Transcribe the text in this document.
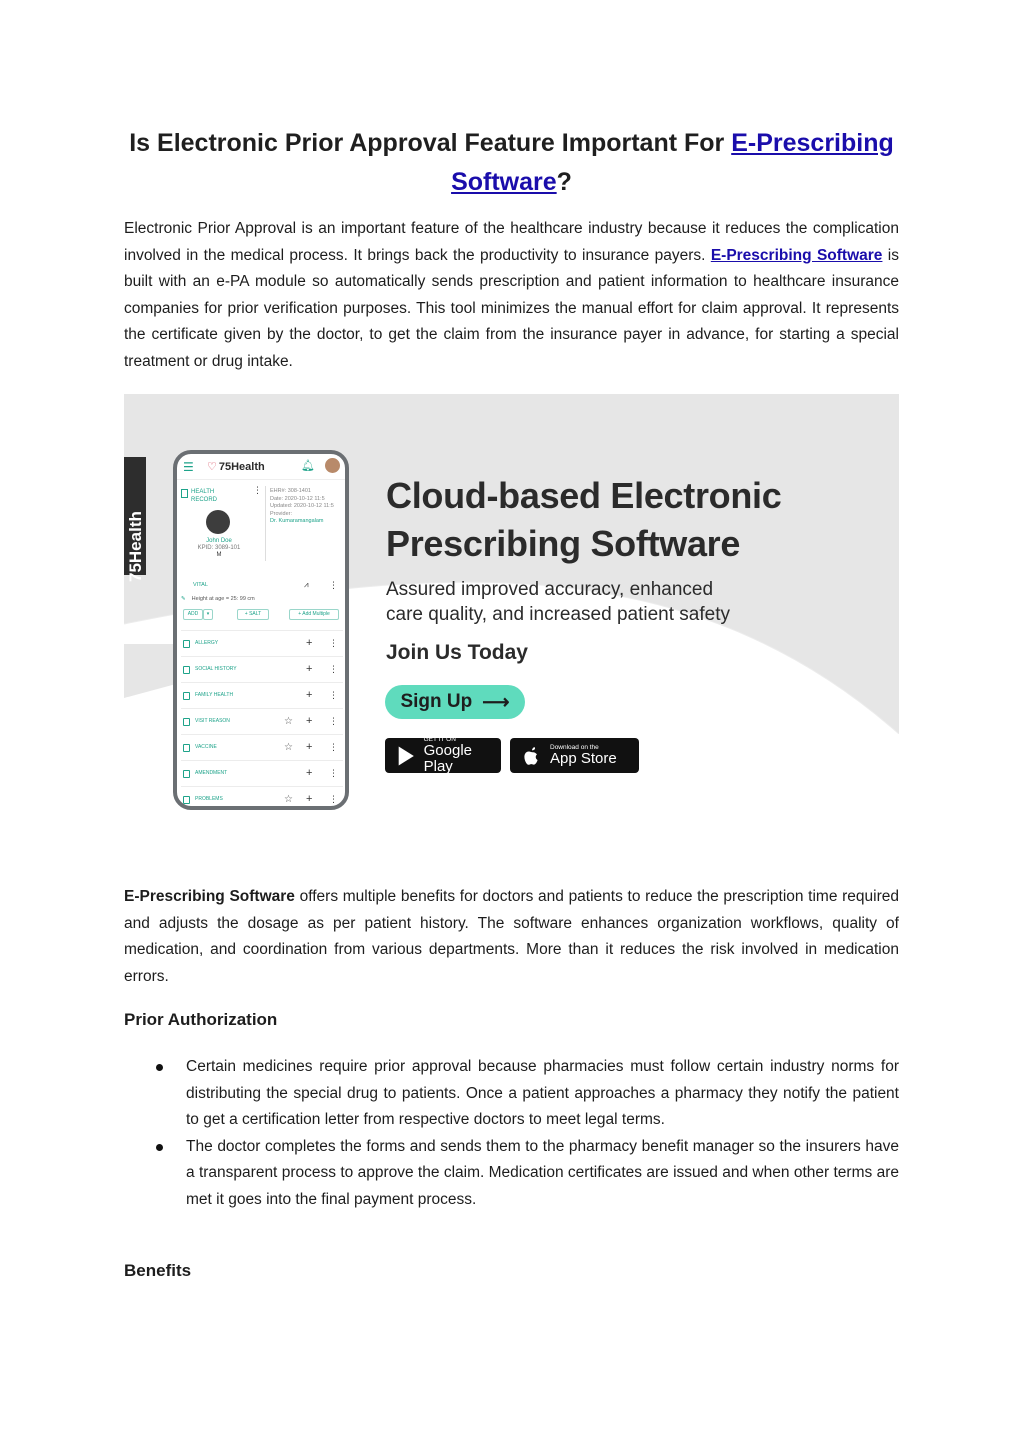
Is Electronic Prior Approval Feature Important For E-Prescribing Software?

Electronic Prior Approval is an important feature of the healthcare industry because it reduces the complication involved in the medical process. It brings back the productivity to insurance payers. E-Prescribing Software is built with an e-PA module so automatically sends prescription and patient information to healthcare insurance companies for prior verification purposes. This tool minimizes the manual effort for claim approval. It represents the certificate given by the doctor, to get the claim from the insurance payer in advance, for starting a special treatment or drug intake.

75Health
☰ ♡ 75Health	🔔︎
HEALTH RECORD
⋮
John Doe
KPID: 3089-101
M
EHR#: 308-1401
Date: 2020-10-12 11:5
Updated: 2020-10-12 11:5
Provider:
Dr. Kumaramangalam
VITAL	⩘ ⋮
✎ Height at age = 25: 99 cm
ADD	▾	+ SALT	+ Add Multiple
ALLERGY	+ ⋮
SOCIAL HISTORY	+ ⋮
FAMILY HEALTH	+ ⋮
VISIT REASON	☆ + ⋮
VACCINE	☆ + ⋮
AMENDMENT	+ ⋮
PROBLEMS	☆ + ⋮
Cloud-based Electronic
Prescribing Software

Assured improved accuracy, enhanced
care quality, and increased patient safety

Join Us Today

Sign Up ⟶
GET IT ON
Google Play
Download on the
App Store

E-Prescribing Software offers multiple benefits for doctors and patients to reduce the prescription time required and adjusts the dosage as per patient history. The software enhances organization workflows, quality of medication, and coordination from various departments. More than it reduces the risk involved in medication errors.

Prior Authorization
Certain medicines require prior approval because pharmacies must follow certain industry norms for distributing the special drug to patients. Once a patient approaches a pharmacy they notify the patient to get a certification letter from respective doctors to meet legal terms.
The doctor completes the forms and sends them to the pharmacy benefit manager so the insurers have a transparent process to approve the claim. Medication certificates are issued and when other terms are met it goes into the final payment process.
Benefits
